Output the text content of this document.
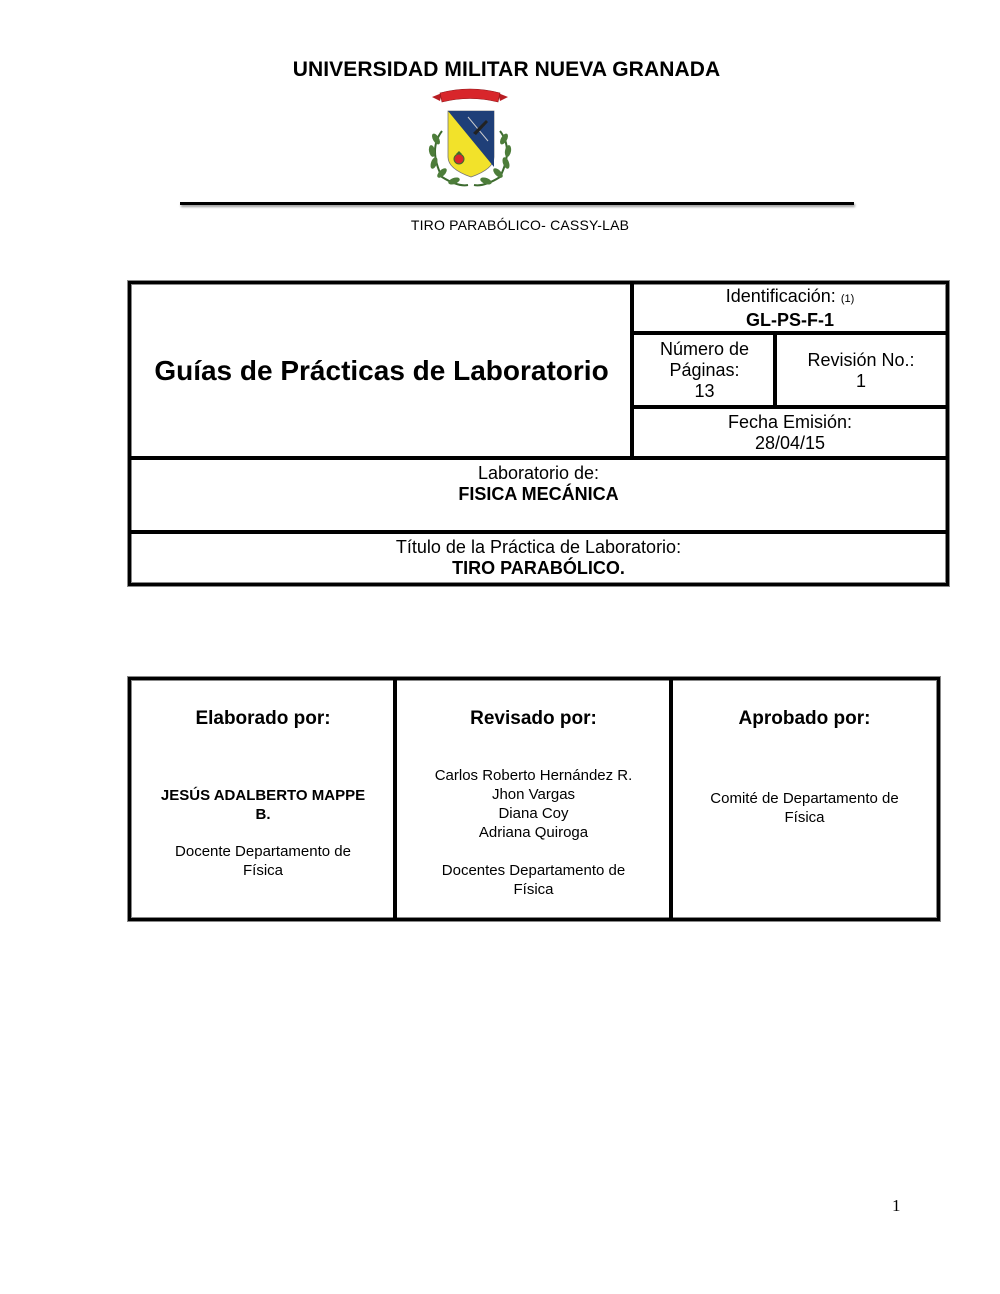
UNIVERSIDAD MILITAR NUEVA GRANADA
TIRO PARABÓLICO- CASSY-LAB
Guías de Prácticas de Laboratorio
Identificación: (1)
GL-PS-F-1
Número de
Páginas:
13
Revisión No.:
1
Fecha Emisión:
28/04/15
Laboratorio de:
FISICA MECÁNICA
Título de la Práctica de Laboratorio:
TIRO PARABÓLICO.
Elaborado por:
JESÚS ADALBERTO MAPPE
B.
Docente Departamento de
Física
Revisado por:
Carlos Roberto Hernández R.
Jhon Vargas
Diana Coy
Adriana Quiroga
Docentes Departamento de
Física
Aprobado por:
Comité de Departamento de
Física
1
